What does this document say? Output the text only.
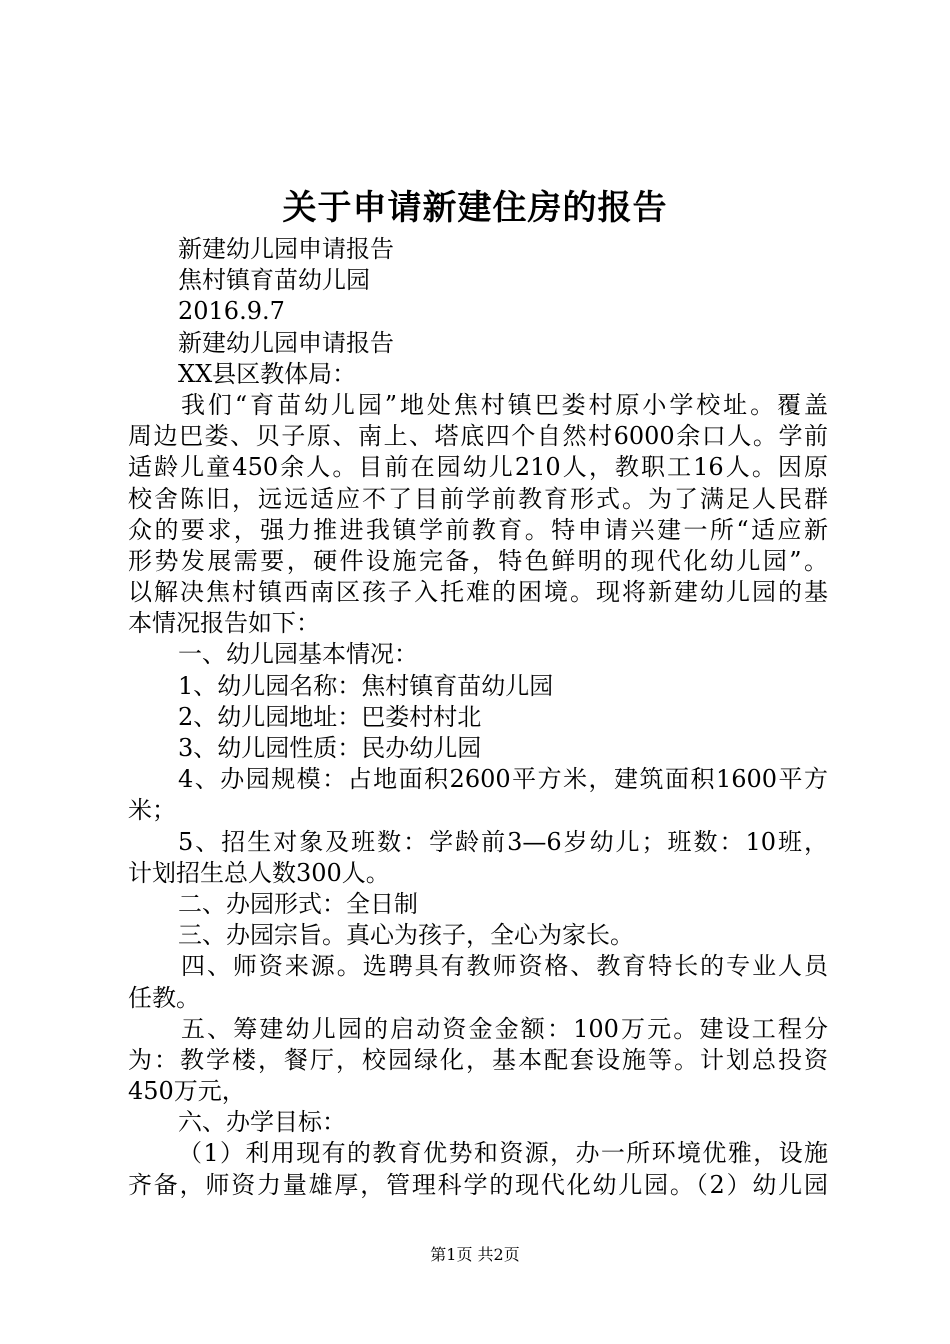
关于申请新建住房的报告
新建幼儿园申请报告
焦村镇育苗幼儿园
2016.9.7
新建幼儿园申请报告
XX县区教体局：
我们“育苗幼儿园”地处焦村镇巴娄村原小学校址。覆盖
周边巴娄、贝子原、南上、塔底四个自然村6000余口人。学前
适龄儿童450余人。目前在园幼儿210人，教职工16人。因原
校舍陈旧，远远适应不了目前学前教育形式。为了满足人民群
众的要求，强力推进我镇学前教育。特申请兴建一所“适应新
形势发展需要，硬件设施完备，特色鲜明的现代化幼儿园”。
以解决焦村镇西南区孩子入托难的困境。现将新建幼儿园的基
本情况报告如下：
一、幼儿园基本情况：
1、幼儿园名称：焦村镇育苗幼儿园
2、幼儿园地址：巴娄村村北
3、幼儿园性质：民办幼儿园
4、办园规模：占地面积2600平方米，建筑面积1600平方
米；
5、招生对象及班数：学龄前3—6岁幼儿；班数：10班，
计划招生总人数300人。
二、办园形式：全日制
三、办园宗旨。真心为孩子，全心为家长。
四、师资来源。选聘具有教师资格、教育特长的专业人员
任教。
五、筹建幼儿园的启动资金金额：100万元。建设工程分
为：教学楼，餐厅，校园绿化，基本配套设施等。计划总投资
450万元，
六、办学目标：
（1）利用现有的教育优势和资源，办一所环境优雅，设施
齐备，师资力量雄厚，管理科学的现代化幼儿园。（2）幼儿园
第1页 共2页
